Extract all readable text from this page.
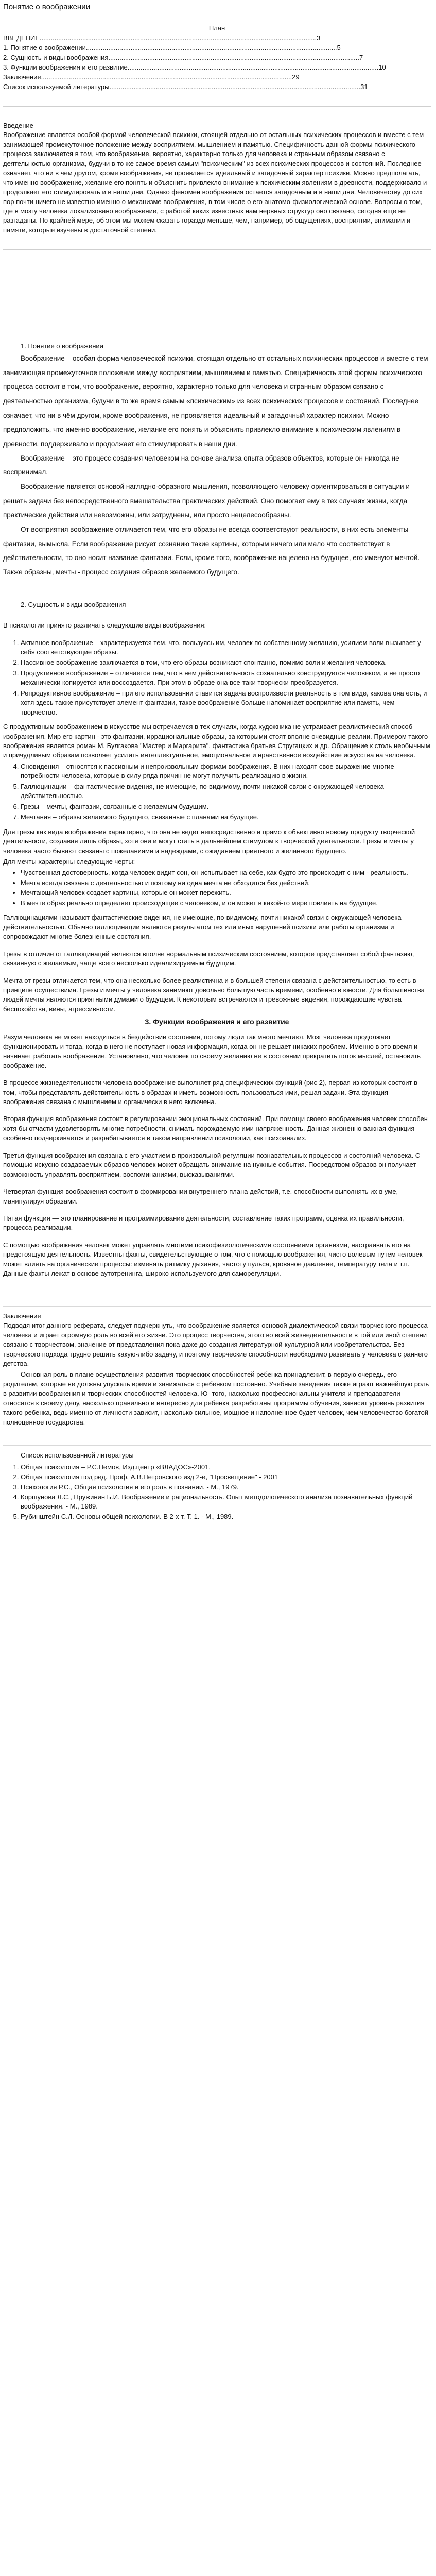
Понятие о воображении
План
ВВЕДЕНИЕ ..................................................................................................................................................... 3
1. Понятие о воображении ....................................................................................................................................... 5
2. Сущность и виды воображения ....................................................................................................................................... 7
3. Функции воображения и его развитие ....................................................................................................................................... 10
Заключение ....................................................................................................................................... 29
Список используемой литературы ....................................................................................................................................... 31
Введение

Воображение является особой формой человеческой психики, стоящей отдельно от остальных психических процессов и вместе с тем занимающей промежуточное положение между восприятием, мышлением и памятью. Специфичность данной формы психического процесса заключается в том, что воображение, вероятно, характерно только для человека и странным образом связано с деятельностью организма, будучи в то же самое время самым "психическим" из всех психических процессов и состояний. Последнее означает, что ни в чем другом, кроме воображения, не проявляется идеальный и загадочный характер психики. Можно предполагать, что именно воображение, желание его понять и объяснить привлекло внимание к психическим явлениям в древности, поддерживало и продолжает его стимулировать и в наши дни. Однако феномен воображения остается загадочным и в наши дни. Человечеству до сих пор почти ничего не известно именно о механизме воображения, в том числе о его анатомо-физиологической основе. Вопросы о том, где в мозгу человека локализовано воображение, с работой каких известных нам нервных структур оно связано, сегодня еще не разгаданы. По крайней мере, об этом мы можем сказать гораздо меньше, чем, например, об ощущениях, восприятии, внимании и памяти, которые изучены в достаточной степени.

1. Понятие о воображении

Воображение – особая форма человеческой психики, стоящая отдельно от остальных психических процессов и вместе с тем занимающая промежуточное положение между восприятием, мышлением и памятью. Специфичность этой формы психического процесса состоит в том, что воображение, вероятно, характерно только для человека и странным образом связано с деятельностью организма, будучи в то же время самым «психическим» из всех психических процессов и состояний. Последнее означает, что ни в чём другом, кроме воображения, не проявляется идеальный и загадочный характер психики. Можно предположить, что именно воображение, желание его понять и объяснить привлекло внимание к психическим явлениям в древности, поддерживало и продолжает его стимулировать в наши дни.

Воображение – это процесс создания человеком на основе анализа опыта образов объектов, которые он никогда не воспринимал.

Воображение является основой наглядно-образного мышления, позволяющего человеку ориентироваться в ситуации и решать задачи без непосредственного вмешательства практических действий. Оно помогает ему в тех случаях жизни, когда практические действия или невозможны, или затруднены, или просто нецелесообразны.

От восприятия воображение отличается тем, что его образы не всегда соответствуют реальности, в них есть элементы фантазии, вымысла. Если воображение рисует сознанию такие картины, которым ничего или мало что соответствует в действительности, то оно носит название фантазии. Если, кроме того, воображение нацелено на будущее, его именуют мечтой. Также образны, мечты - процесс создания образов желаемого будущего.

2. Сущность и виды воображения

В психологии принято различать следующие виды воображения:

1. Активное воображение – характеризуется тем, что, пользуясь им, человек по собственному желанию, усилием воли вызывает у себя соответствующие образы.
2. Пассивное воображение заключается в том, что его образы возникают спонтанно, помимо воли и желания человека.
3. Продуктивное воображение – отличается тем, что в нем действительность сознательно конструируется человеком, а не просто механически копируется или воссоздается. При этом в образе она все-таки творчески преобразуется.
4. Репродуктивное воображение – при его использовании ставится задача воспроизвести реальность в том виде, какова она есть, и хотя здесь также присутствует элемент фантазии, такое воображение больше напоминает восприятие или память, чем творчество.

С продуктивным воображением в искусстве мы встречаемся в тех случаях, когда художника не устраивает реалистический способ изображения. Мир его картин - это фантазии, иррациональные образы, за которыми стоят вполне очевидные реалии. Примером такого воображения является роман М. Булгакова "Мастер и Маргарита", фантастика братьев Стругацких и др. Обращение к столь необычным и причудливым образам позволяет усилить интеллектуальное, эмоциональное и нравственное воздействие искусства на человека.

4. Сновидения – относятся к пассивным и непроизвольным формам воображения. В них находят свое выражение многие потребности человека, которые в силу ряда причин не могут получить реализацию в жизни.
5. Галлюцинации – фантастические видения, не имеющие, по-видимому, почти никакой связи с окружающей человека действительностью.
6. Грезы – мечты, фантазии, связанные с желаемым будущим.
7. Мечтания – образы желаемого будущего, связанные с планами на будущее.

Для грезы как вида воображения характерно, что она не ведет непосредственно и прямо к объективно новому продукту творческой деятельности, создавая лишь образы, хотя они и могут стать в дальнейшем стимулом к творческой деятельности. Грезы и мечты у человека часто бывают связаны с пожеланиями и надеждами, с ожиданием приятного и желанного будущего.

Для мечты характерны следующие черты:

• Чувственная достоверность, когда человек видит сон, он испытывает на себе, как будто это происходит с ним - реальность.
• Мечта всегда связана с деятельностью и поэтому ни одна мечта не обходится без действий.
• Мечтающий человек создает картины, которые он может пережить.
• В мечте образ реально определяет происходящее с человеком, и он может в какой-то мере повлиять на будущее.

Галлюцинациями называют фантастические видения, не имеющие, по-видимому, почти никакой связи с окружающей человека действительностью. Обычно галлюцинации являются результатом тех или иных нарушений психики или работы организма и сопровождают многие болезненные состояния.

Грезы в отличие от галлюцинаций являются вполне нормальным психическим состоянием, которое представляет собой фантазию, связанную с желаемым, чаще всего несколько идеализируемым будущим.

Мечта от грезы отличается тем, что она несколько более реалистична и в большей степени связана с действительностью, то есть в принципе осуществима. Грезы и мечты у человека занимают довольно большую часть времени, особенно в юности. Для большинства людей мечты являются приятными думами о будущем. К некоторым встречаются и тревожные видения, порождающие чувства беспокойства, вины, агрессивности.

3. Функции воображения и его развитие

Разум человека не может находиться в бездействии состоянии, потому люди так много мечтают. Мозг человека продолжает функционировать и тогда, когда в него не поступает новая информация, когда он не решает никаких проблем. Именно в это время и начинает работать воображение. Установлено, что человек по своему желанию не в состоянии прекратить поток мыслей, остановить воображение.

В процессе жизнедеятельности человека воображение выполняет ряд специфических функций (рис 2), первая из которых состоит в том, чтобы представлять действительность в образах и иметь возможность пользоваться ими, решая задачи. Эта функция воображения связана с мышлением и органически в него включена.

Вторая функция воображения состоит в регулировании эмоциональных состояний. При помощи своего воображения человек способен хотя бы отчасти удовлетворять многие потребности, снимать порождаемую ими напряженность. Данная жизненно важная функция особенно подчеркивается и разрабатывается в таком направлении психологии, как психоанализ.

Третья функция воображения связана с его участием в произвольной регуляции познавательных процессов и состояний человека. С помощью искусно создаваемых образов человек может обращать внимание на нужные события. Посредством образов он получает возможность управлять восприятием, воспоминаниями, высказываниями.

Четвертая функция воображения состоит в формировании внутреннего плана действий, т.е. способности выполнять их в уме, манипулируя образами.

Пятая функция — это планирование и программирование деятельности, составление таких программ, оценка их правильности, процесса реализации.

С помощью воображения человек может управлять многими психофизиологическими состояниями организма, настраивать его на предстоящую деятельность. Известны факты, свидетельствующие о том, что с помощью воображения, чисто волевым путем человек может влиять на органические процессы: изменять ритмику дыхания, частоту пульса, кровяное давление, температуру тела и т.п. Данные факты лежат в основе аутотренинга, широко используемого для саморегуляции.

Заключение

Подводя итог данного реферата, следует подчеркнуть, что воображение является основой диалектической связи творческого процесса человека и играет огромную роль во всей его жизни. Это процесс творчества, этого во всей жизнедеятельности в той или иной степени связано с творчеством, значение от представления пока даже до создания литературной-культурной или изобретательства. Без творческого подхода трудно решить какую-либо задачу, и поэтому творческие способности необходимо развивать у человека с раннего детства.

Основная роль в плане осуществления развития творческих способностей ребенка принадлежит, в первую очередь, его родителям, которые не должны упускать время и занижаться с ребенком постоянно. Учебные заведения также играют важнейшую роль в развитии воображения и творческих способностей человека. Ю- того, насколько профессиональны учителя и преподаватели относятся к своему делу, насколько правильно и интересно для ребенка разработаны программы обучения, зависит уровень развития такого ребенка, ведь именно от личности зависит, насколько сильное, мощное и наполненное будет человек, чем человечество богатой полноценное государства.

Список использованной литературы
1. Общая психология – Р.С.Немов, Изд.центр «ВЛАДОС»-2001.
2. Общая психология под ред. Проф. А.В.Петровского изд 2-е, "Просвещение" - 2001
3. Психология Р.С., Общая психология и его роль в познании. - М., 1979.
4. Коршунова Л.С., Пружинин Б.И. Воображение и рациональность. Опыт методологического анализа познавательных функций воображения. - М., 1989.
5. Рубинштейн С.Л. Основы общей психологии. В 2-х т. Т. 1. - М., 1989.
